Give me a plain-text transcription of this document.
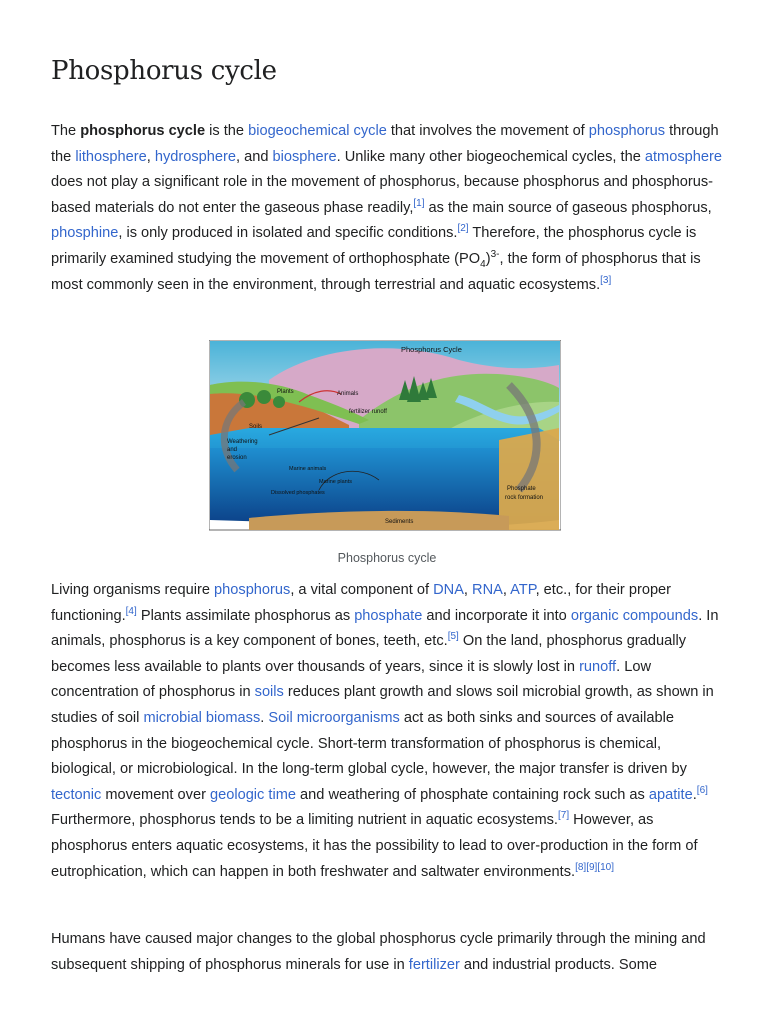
Phosphorus cycle

The phosphorus cycle is the biogeochemical cycle that involves the movement of phosphorus through the lithosphere, hydrosphere, and biosphere. Unlike many other biogeochemical cycles, the atmosphere does not play a significant role in the movement of phosphorus, because phosphorus and phosphorus-based materials do not enter the gaseous phase readily,[1] as the main source of gaseous phosphorus, phosphine, is only produced in isolated and specific conditions.[2] Therefore, the phosphorus cycle is primarily examined studying the movement of orthophosphate $(PO_4)^{3-}$, the form of phosphorus that is most commonly seen in the environment, through terrestrial and aquatic ecosystems.[3]

Phosphorus Cycle
Plants	Animals
fertilizer runoff
Soils
Weathering
and
erosion
Marine animals
Marine plants
Dissolved phosphates
Phosphate
rock formation
Sediments
Phosphorus cycle

Living organisms require phosphorus, a vital component of DNA, RNA, ATP, etc., for their proper functioning.[4] Plants assimilate phosphorus as phosphate and incorporate it into organic compounds. In animals, phosphorus is a key component of bones, teeth, etc.[5] On the land, phosphorus gradually becomes less available to plants over thousands of years, since it is slowly lost in runoff. Low concentration of phosphorus in soils reduces plant growth and slows soil microbial growth, as shown in studies of soil microbial biomass. Soil microorganisms act as both sinks and sources of available phosphorus in the biogeochemical cycle. Short-term transformation of phosphorus is chemical, biological, or microbiological. In the long-term global cycle, however, the major transfer is driven by tectonic movement over geologic time and weathering of phosphate containing rock such as apatite.[6] Furthermore, phosphorus tends to be a limiting nutrient in aquatic ecosystems.[7] However, as phosphorus enters aquatic ecosystems, it has the possibility to lead to over-production in the form of eutrophication, which can happen in both freshwater and saltwater environments.[8][9][10]

Humans have caused major changes to the global phosphorus cycle primarily through the mining and subsequent shipping of phosphorus minerals for use in fertilizer and industrial products. Some
